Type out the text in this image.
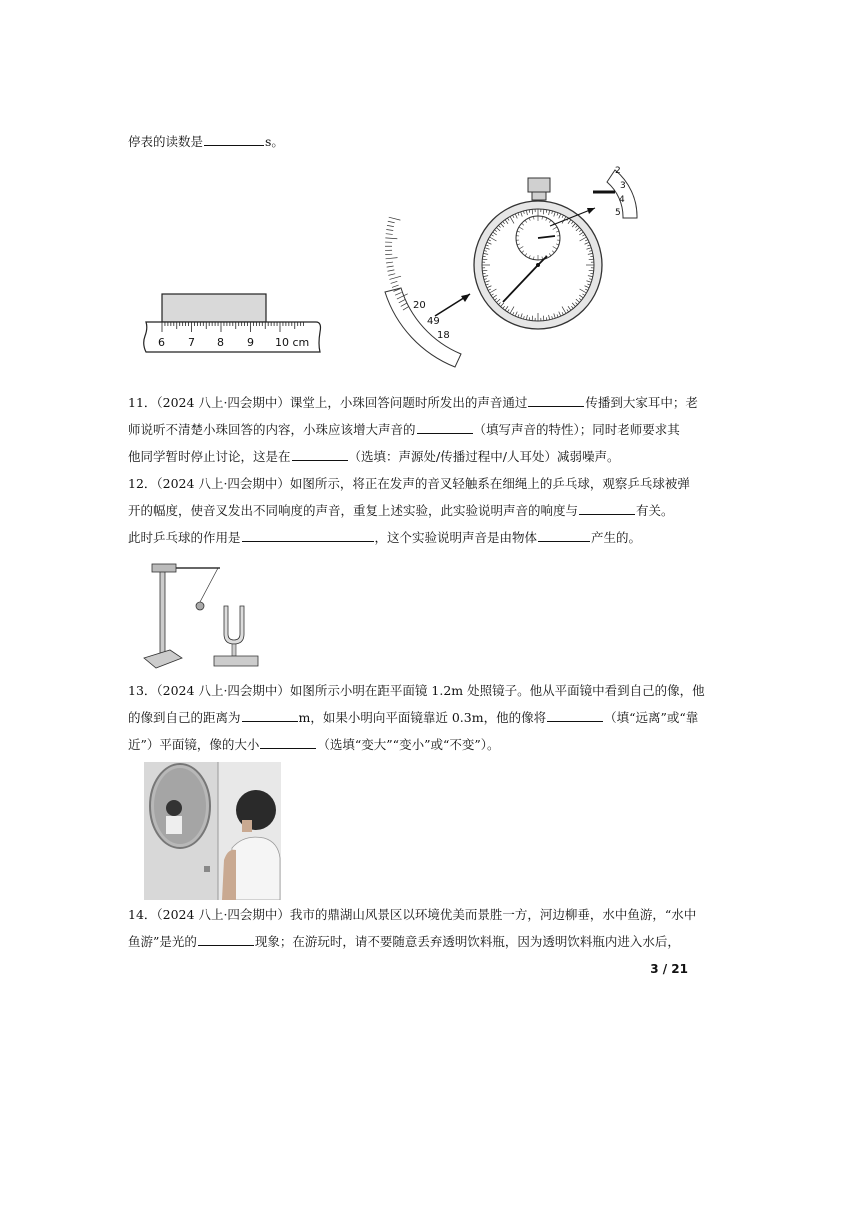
停表的读数是	s。
6 7 8 9 10 cm
20
49
18
2
3
4
5
11．（2024 八上·四会期中）课堂上，小珠回答问题时所发出的声音通过	传播到大家耳中；老
师说听不清楚小珠回答的内容，小珠应该增大声音的	（填写声音的特性）；同时老师要求其
他同学暂时停止讨论，这是在	（选填：声源处/传播过程中/人耳处）减弱噪声。
12．（2024 八上·四会期中）如图所示，将正在发声的音叉轻触系在细绳上的乒乓球，观察乒乓球被弹
开的幅度，使音叉发出不同响度的声音，重复上述实验，此实验说明声音的响度与	有关。
此时乒乓球的作用是	，这个实验说明声音是由物体	产生的。
13．（2024 八上·四会期中）如图所示小明在距平面镜 1.2m 处照镜子。他从平面镜中看到自己的像，他
的像到自己的距离为	m，如果小明向平面镜靠近 0.3m，他的像将	（填“远离”或“靠
近”）平面镜，像的大小	（选填“变大”“变小”或“不变”）。
14．（2024 八上·四会期中）我市的鼎湖山风景区以环境优美而景胜一方，河边柳垂，水中鱼游，“水中
鱼游”是光的	现象；在游玩时，请不要随意丢弃透明饮料瓶，因为透明饮料瓶内进入水后，
3 / 21
